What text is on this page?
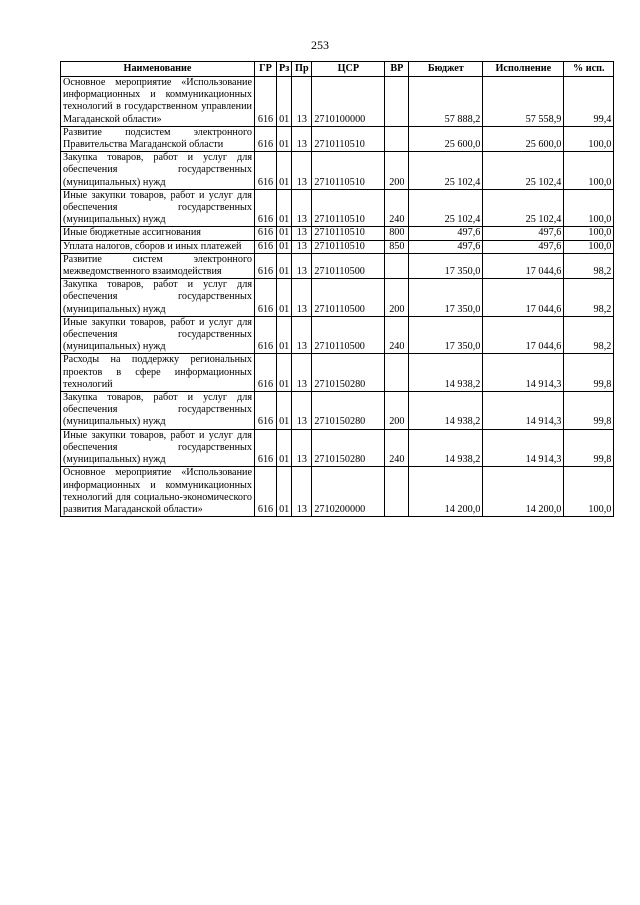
253
Наименование	ГР	Рз	Пр	ЦСР	ВР	Бюджет	Исполнение	% исп.
Основное мероприятие «Использование информационных и коммуникационных технологий в государственном управлении Магаданской области»	616	01	13	2710100000		57 888,2	57 558,9	99,4
Развитие подсистем электронного Правительства Магаданской области	616	01	13	2710110510		25 600,0	25 600,0	100,0
Закупка товаров, работ и услуг для обеспечения государственных (муниципальных) нужд	616	01	13	2710110510	200	25 102,4	25 102,4	100,0
Иные закупки товаров, работ и услуг для обеспечения государственных (муниципальных) нужд	616	01	13	2710110510	240	25 102,4	25 102,4	100,0
Иные бюджетные ассигнования	616	01	13	2710110510	800	497,6	497,6	100,0
Уплата налогов, сборов и иных платежей	616	01	13	2710110510	850	497,6	497,6	100,0
Развитие систем электронного межведомственного взаимодействия	616	01	13	2710110500		17 350,0	17 044,6	98,2
Закупка товаров, работ и услуг для обеспечения государственных (муниципальных) нужд	616	01	13	2710110500	200	17 350,0	17 044,6	98,2
Иные закупки товаров, работ и услуг для обеспечения государственных (муниципальных) нужд	616	01	13	2710110500	240	17 350,0	17 044,6	98,2
Расходы на поддержку региональных проектов в сфере информационных технологий	616	01	13	2710150280		14 938,2	14 914,3	99,8
Закупка товаров, работ и услуг для обеспечения государственных (муниципальных) нужд	616	01	13	2710150280	200	14 938,2	14 914,3	99,8
Иные закупки товаров, работ и услуг для обеспечения государственных (муниципальных) нужд	616	01	13	2710150280	240	14 938,2	14 914,3	99,8
Основное мероприятие «Использование информационных и коммуникационных технологий для социально-экономического развития Магаданской области»	616	01	13	2710200000		14 200,0	14 200,0	100,0
